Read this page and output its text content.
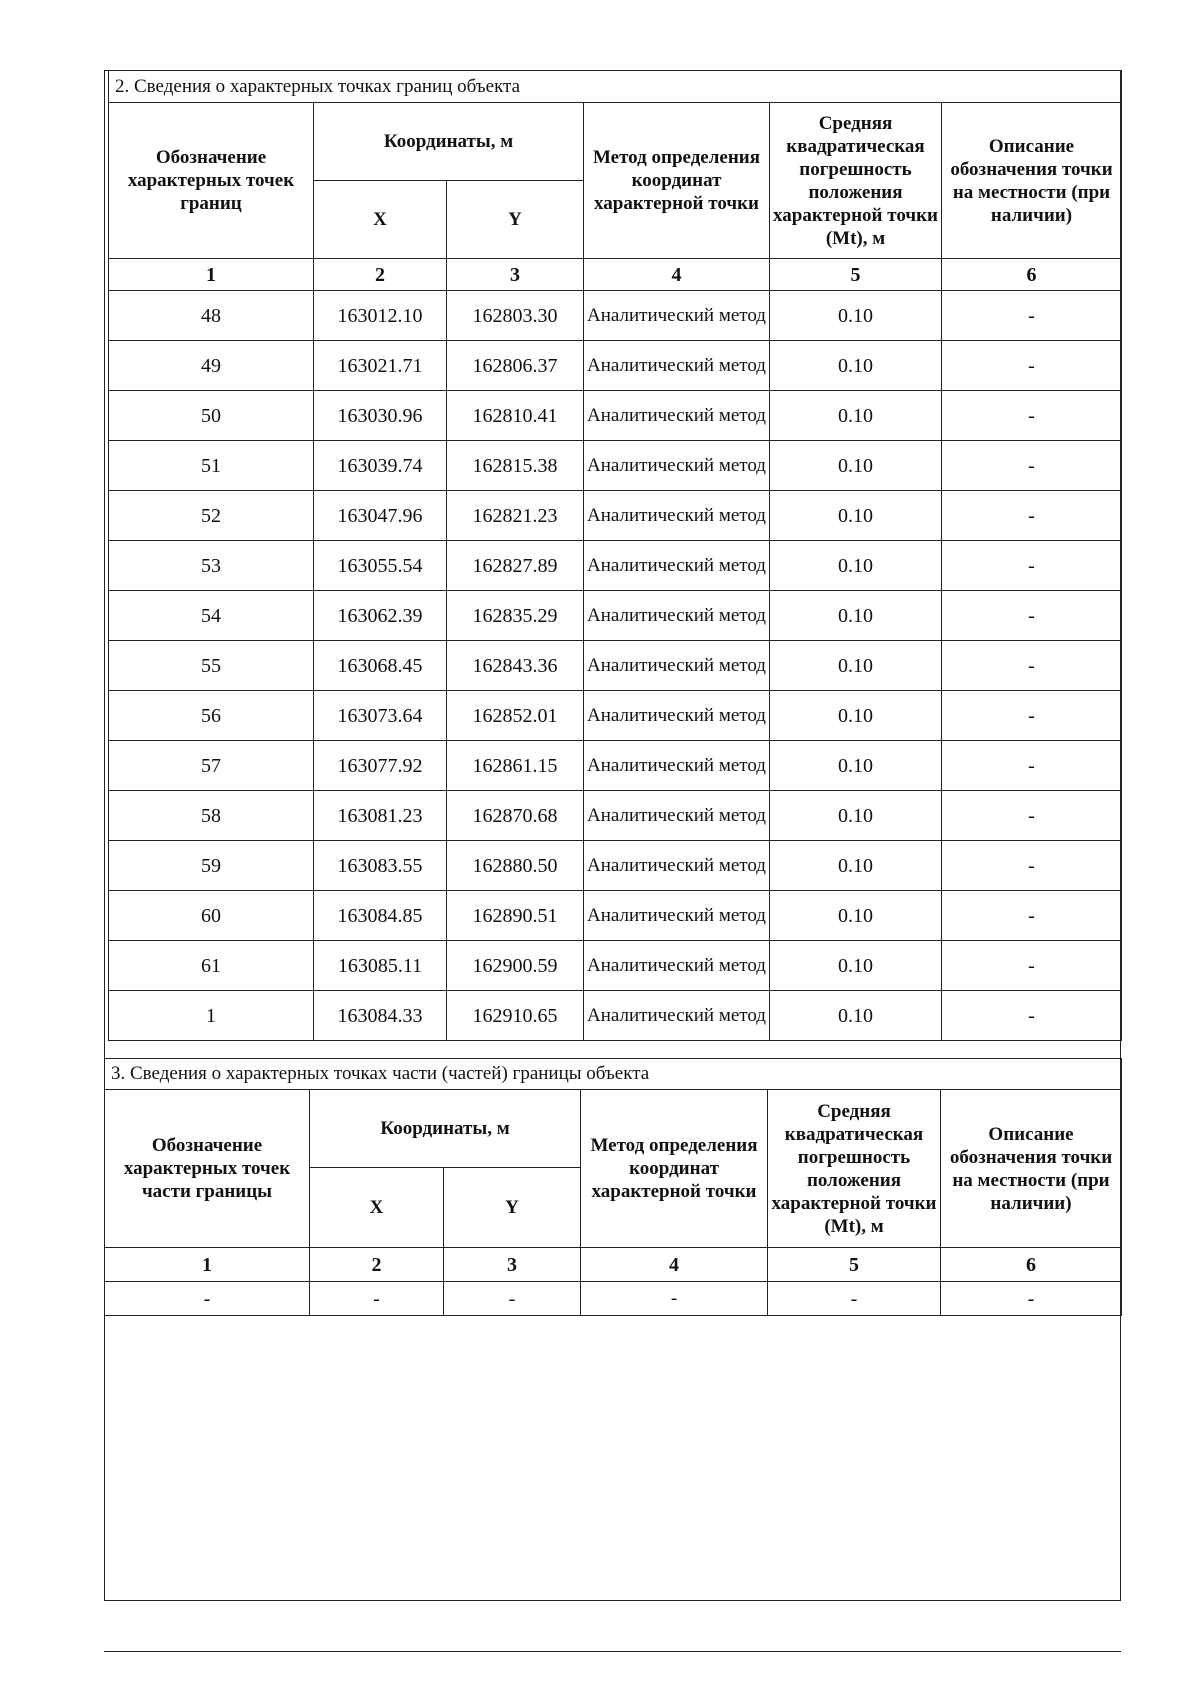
2. Сведения о характерных точках границ объекта					
Обозначение характерных точек границ	Координаты, м		Метод определения координат характерной точки	Средняя квадратическая погрешность положения характерной точки (Mt), м	Описание обозначения точки на местности (при наличии)
	X	Y			
1	2	3	4	5	6
48	163012.10	162803.30	Аналитический метод	0.10	-
49	163021.71	162806.37	Аналитический метод	0.10	-
50	163030.96	162810.41	Аналитический метод	0.10	-
51	163039.74	162815.38	Аналитический метод	0.10	-
52	163047.96	162821.23	Аналитический метод	0.10	-
53	163055.54	162827.89	Аналитический метод	0.10	-
54	163062.39	162835.29	Аналитический метод	0.10	-
55	163068.45	162843.36	Аналитический метод	0.10	-
56	163073.64	162852.01	Аналитический метод	0.10	-
57	163077.92	162861.15	Аналитический метод	0.10	-
58	163081.23	162870.68	Аналитический метод	0.10	-
59	163083.55	162880.50	Аналитический метод	0.10	-
60	163084.85	162890.51	Аналитический метод	0.10	-
61	163085.11	162900.59	Аналитический метод	0.10	-
1	163084.33	162910.65	Аналитический метод	0.10	-
3. Сведения о характерных точках части (частей) границы объекта					
Обозначение характерных точек части границы	Координаты, м		Метод определения координат характерной точки	Средняя квадратическая погрешность положения характерной точки (Mt), м	Описание обозначения точки на местности (при наличии)
	X	Y			
1	2	3	4	5	6
-	-	-	-	-	-
